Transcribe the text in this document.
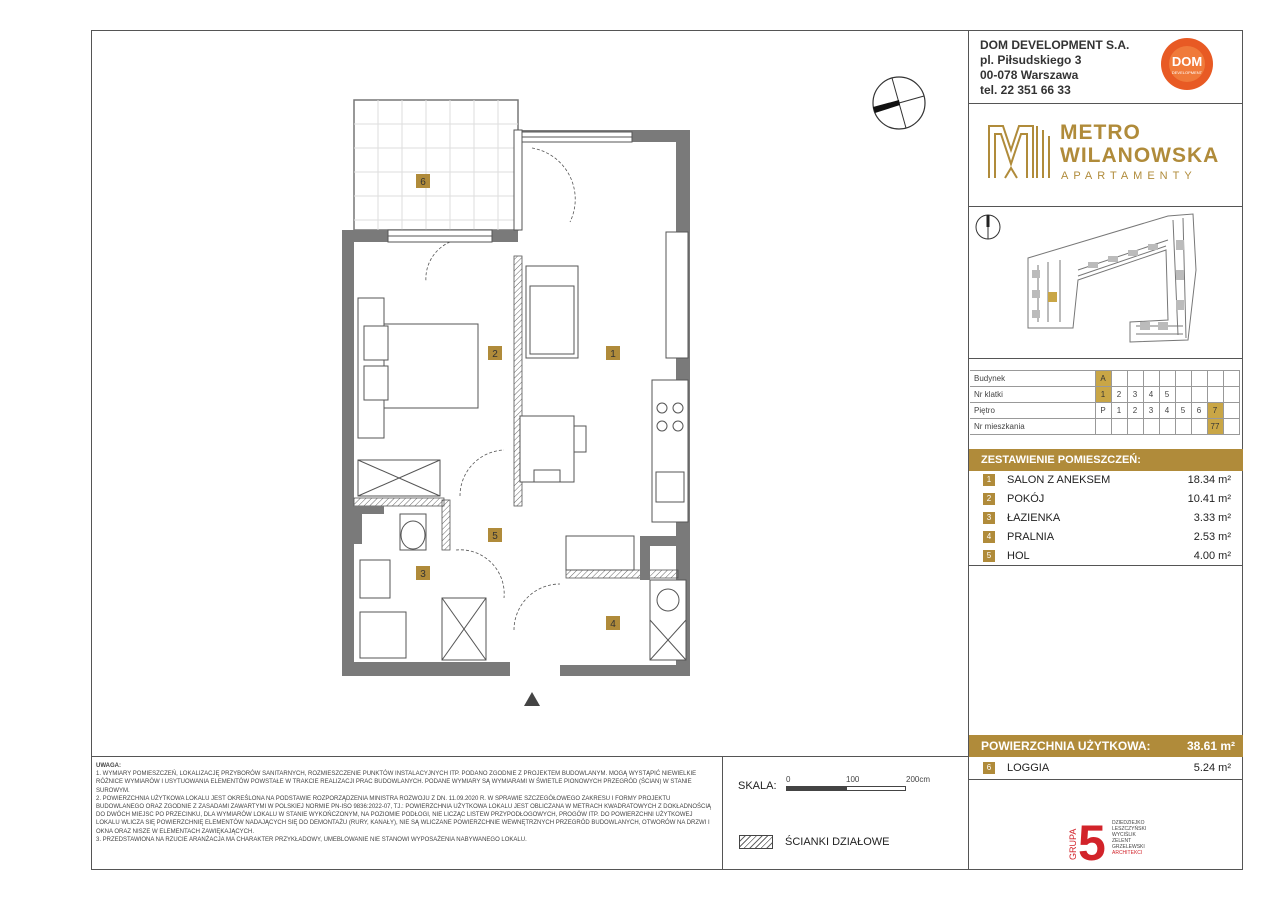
DOM DEVELOPMENT S.A.
pl. Piłsudskiego 3
00-078 Warszawa
tel. 22 351 66 33
DOM
DEVELOPMENT
METRO
WILANOWSKA
APARTAMENTY
Budynek	A								
Nr klatki	1	2	3	4	5				
Piętro	P	1	2	3	4	5	6	7	
Nr mieszkania								77	
ZESTAWIENIE POMIESZCZEŃ:
1	SALON Z ANEKSEM	18.34 m²
2	POKÓJ	10.41 m²
3	ŁAZIENKA	3.33 m²
4	PRALNIA	2.53 m²
5	HOL	4.00 m²
POWIERZCHNIA UŻYTKOWA:	38.61 m²
6	LOGGIA	5.24 m²
GRUPA 5 DZIEDZIEJKO
LESZCZYŃSKI
WYCIŚLIK
ZELENT
GRZELEWSKI
ARCHITEKCI
UWAGA:
1. WYMIARY POMIESZCZEŃ, LOKALIZACJĘ PRZYBORÓW SANITARNYCH, ROZMIESZCZENIE PUNKTÓW INSTALACYJNYCH ITP. PODANO ZGODNIE Z PROJEKTEM BUDOWLANYM. MOGĄ WYSTĄPIĆ NIEWIELKIE RÓŻNICE WYMIARÓW I USYTUOWANIA ELEMENTÓW POWSTAŁE W TRAKCIE REALIZACJI PRAC BUDOWLANYCH. PODANE WYMIARY SĄ WYMIARAMI W ŚWIETLE PIONOWYCH PRZEGRÓD (ŚCIAN) W STANIE SUROWYM.
2. POWIERZCHNIA UŻYTKOWA LOKALU JEST OKREŚLONA NA PODSTAWIE ROZPORZĄDZENIA MINISTRA ROZWOJU Z DN. 11.09.2020 R. W SPRAWIE SZCZEGÓŁOWEGO ZAKRESU I FORMY PROJEKTU BUDOWLANEGO ORAZ ZGODNIE Z ZASADAMI ZAWARTYMI W POLSKIEJ NORMIE PN-ISO 9836:2022-07, TJ.: POWIERZCHNIA UŻYTKOWA LOKALU JEST OBLICZANA W METRACH KWADRATOWYCH Z DOKŁADNOŚCIĄ DO DWÓCH MIEJSC PO PRZECINKU, DLA WYMIARÓW LOKALU W STANIE WYKOŃCZONYM, NA POZIOMIE PODŁOGI, NIE LICZĄC LISTEW PRZYPODŁOGOWYCH, PROGÓW ITP. DO POWIERZCHNI UŻYTKOWEJ LOKALU WLICZA SIĘ POWIERZCHNIĘ ELEMENTÓW NADAJĄCYCH SIĘ DO DEMONTAŻU (RURY, KANAŁY), NIE SĄ WLICZANE POWIERZCHNIE WEWNĘTRZNYCH PRZEGRÓD BUDOWLANYCH, OTWORÓW NA DRZWI I OKNA ORAZ NISZE W ELEMENTACH ZAWIĘKAJĄCYCH.
3. PRZEDSTAWIONA NA RZUCIE ARANŻACJA MA CHARAKTER PRZYKŁADOWY, UMEBLOWANIE NIE STANOWI WYPOSAŻENIA NABYWANEGO LOKALU.
SKALA:
0	100	200cm
ŚCIANKI DZIAŁOWE
6
1
2
3
4
5
